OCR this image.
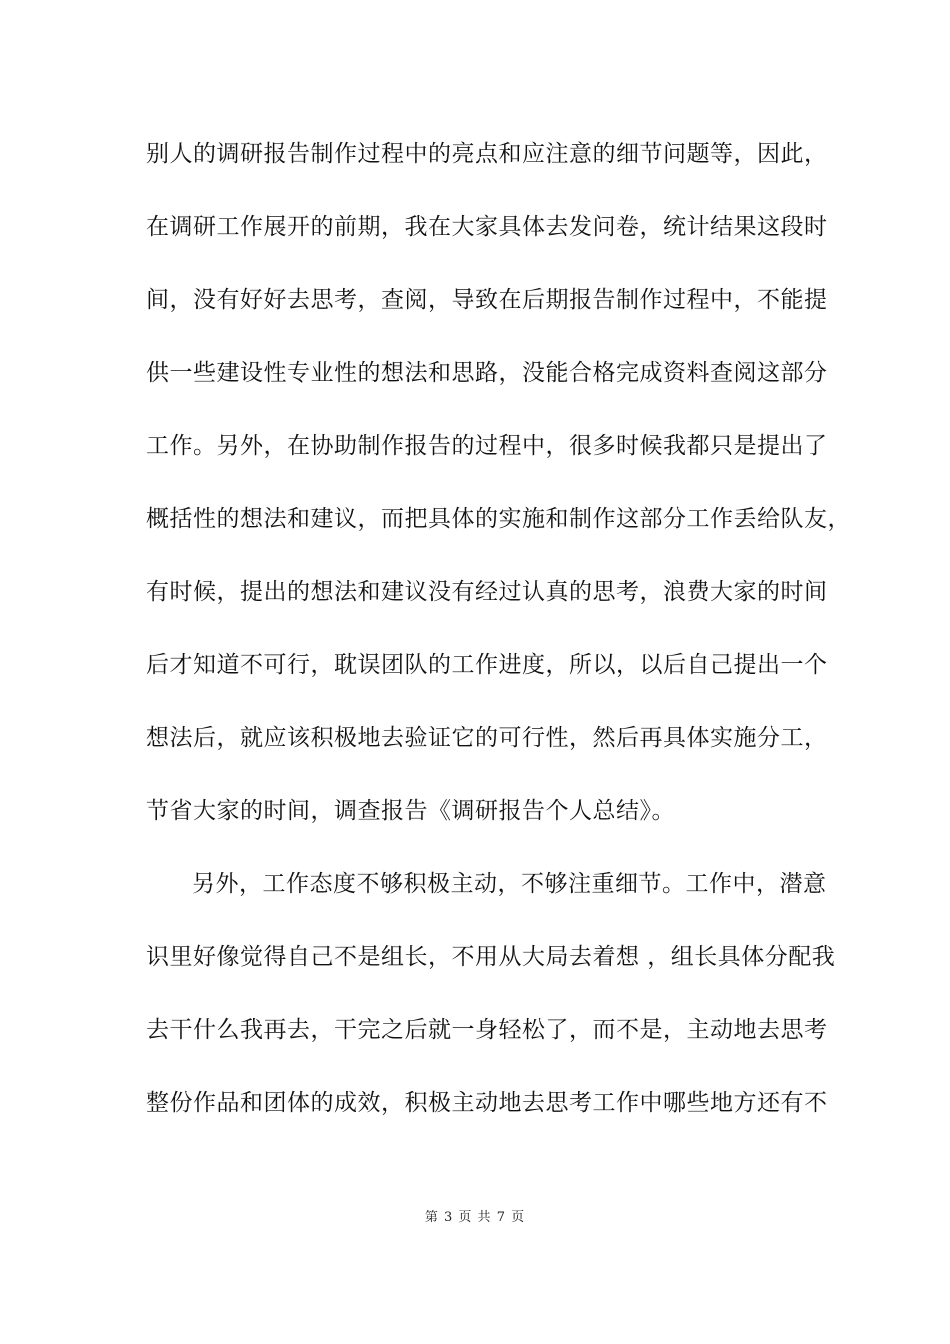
别人的调研报告制作过程中的亮点和应注意的细节问题等，因此，
在调研工作展开的前期，我在大家具体去发问卷，统计结果这段时
间，没有好好去思考，查阅，导致在后期报告制作过程中，不能提
供一些建设性专业性的想法和思路，没能合格完成资料查阅这部分
工作。另外，在协助制作报告的过程中，很多时候我都只是提出了
概括性的想法和建议，而把具体的实施和制作这部分工作丢给队友，
有时候，提出的想法和建议没有经过认真的思考，浪费大家的时间
后才知道不可行，耽误团队的工作进度，所以，以后自己提出一个
想法后，就应该积极地去验证它的可行性，然后再具体实施分工，
节省大家的时间，调查报告《调研报告个人总结》。
另外，工作态度不够积极主动，不够注重细节。工作中，潜意
识里好像觉得自己不是组长，不用从大局去着想 ，组长具体分配我
去干什么我再去，干完之后就一身轻松了，而不是，主动地去思考
整份作品和团体的成效，积极主动地去思考工作中哪些地方还有不
第 3 页 共 7 页
